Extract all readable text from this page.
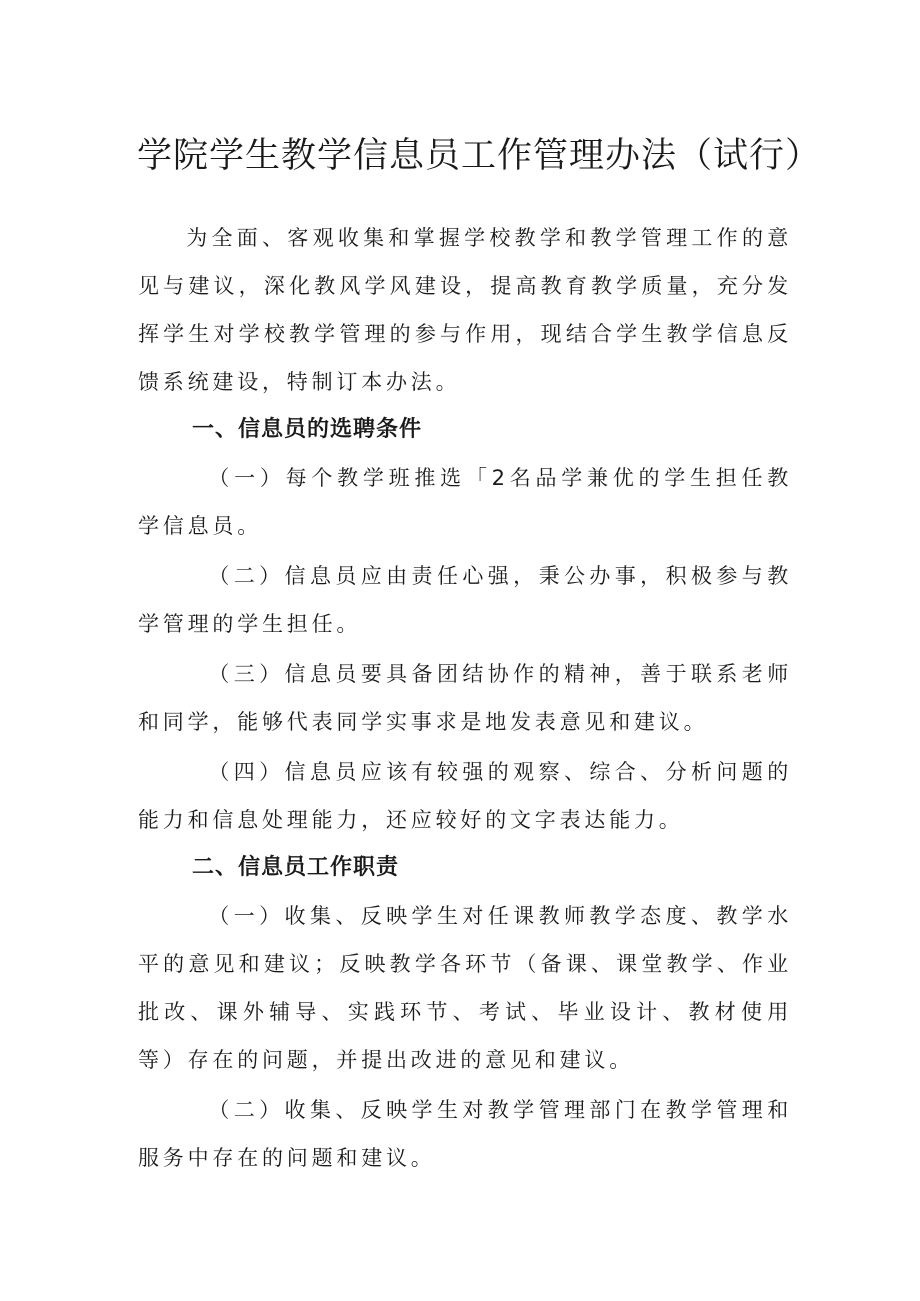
学院学生教学信息员工作管理办法（试行）

为全面、客观收集和掌握学校教学和教学管理工作的意见与建议，深化教风学风建设，提高教育教学质量，充分发挥学生对学校教学管理的参与作用，现结合学生教学信息反馈系统建设，特制订本办法。

一、信息员的选聘条件

（一）每个教学班推选「2名品学兼优的学生担任教学信息员。

（二）信息员应由责任心强，秉公办事，积极参与教学管理的学生担任。

（三）信息员要具备团结协作的精神，善于联系老师和同学，能够代表同学实事求是地发表意见和建议。

（四）信息员应该有较强的观察、综合、分析问题的能力和信息处理能力，还应较好的文字表达能力。

二、信息员工作职责

（一）收集、反映学生对任课教师教学态度、教学水平的意见和建议；反映教学各环节（备课、课堂教学、作业批改、课外辅导、实践环节、考试、毕业设计、教材使用等）存在的问题，并提出改进的意见和建议。

（二）收集、反映学生对教学管理部门在教学管理和服务中存在的问题和建议。
